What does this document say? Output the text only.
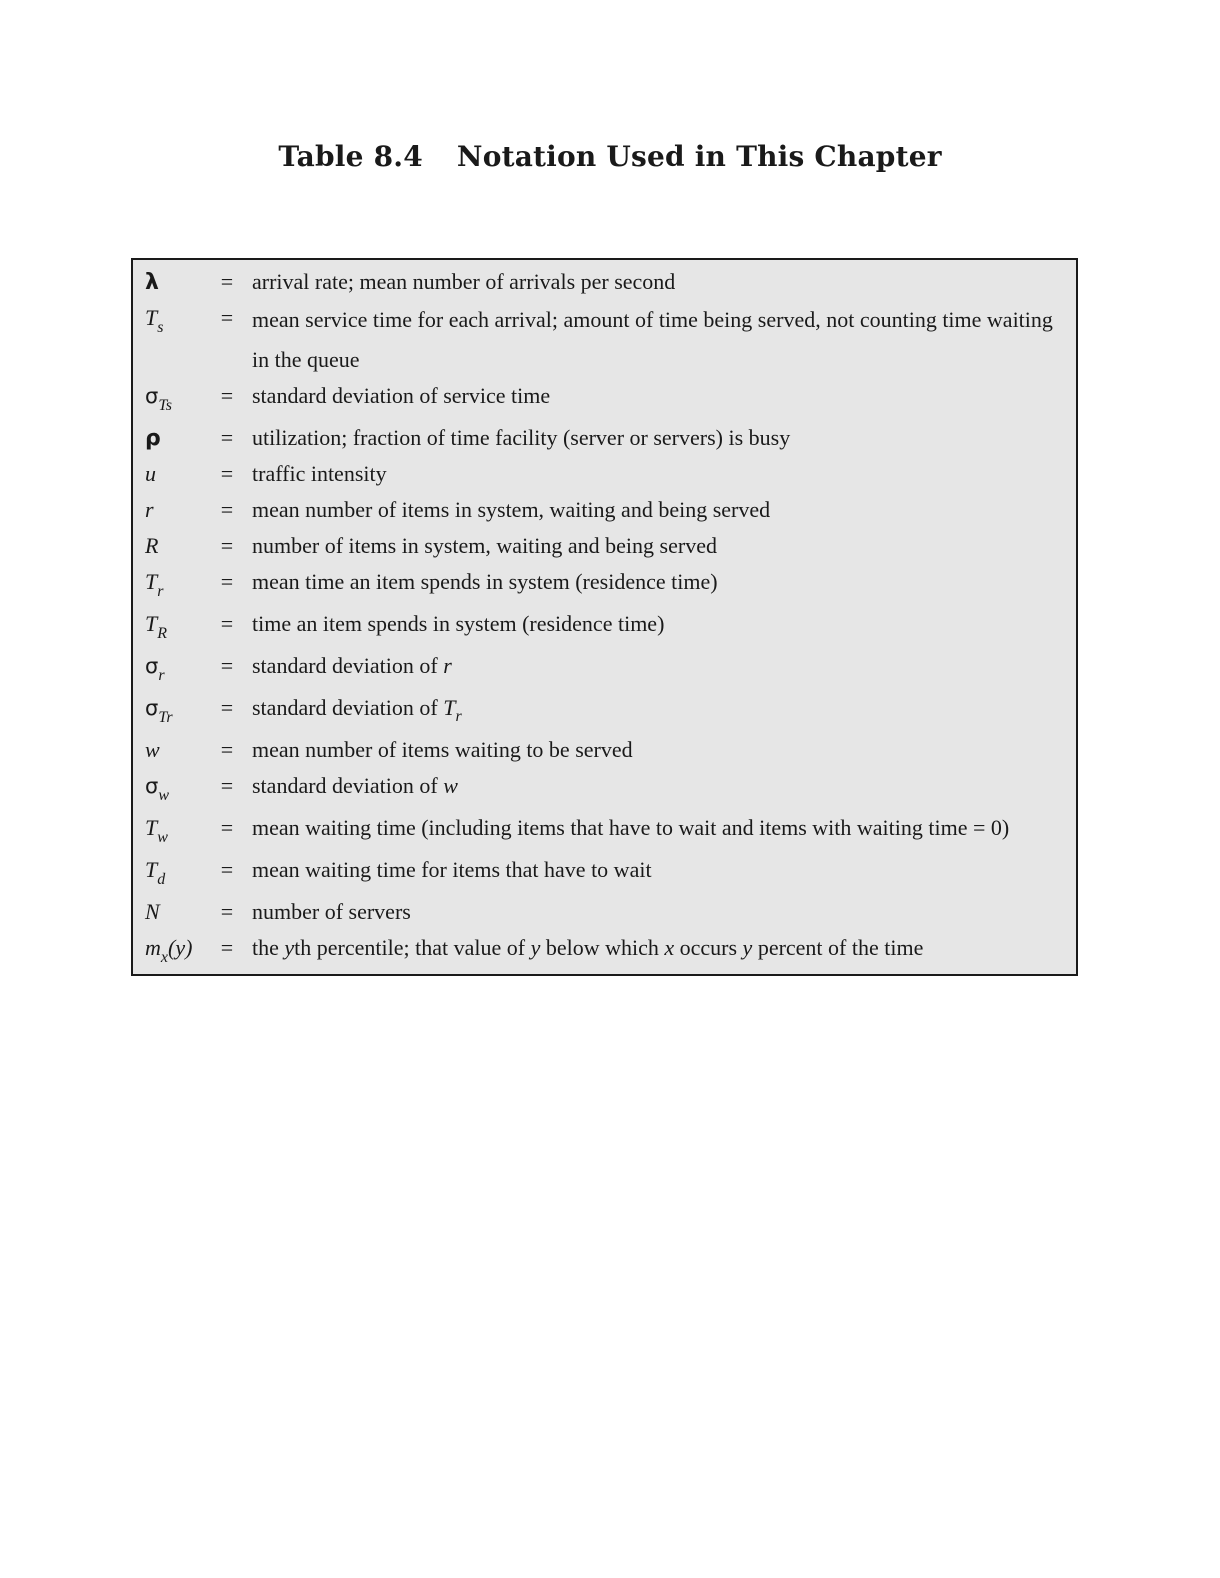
Table 8.4 Notation Used in This Chapter
λ	= arrival rate; mean number of arrivals per second
$T_s$	= mean service time for each arrival; amount of time being served, not counting time waiting in the queue
$\sigma_{Ts}$	= standard deviation of service time
ρ	= utilization; fraction of time facility (server or servers) is busy
u	= traffic intensity
r	= mean number of items in system, waiting and being served
R	= number of items in system, waiting and being served
$T_r$	= mean time an item spends in system (residence time)
$T_R$	= time an item spends in system (residence time)
$\sigma_r$	= standard deviation of r
$\sigma_{Tr}$	= standard deviation of $T_r$
w	= mean number of items waiting to be served
$\sigma_w$	= standard deviation of w
$T_w$	= mean waiting time (including items that have to wait and items with waiting time = 0)
$T_d$	= mean waiting time for items that have to wait
N	= number of servers
$m_x(y)$	= the yth percentile; that value of y below which x occurs y percent of the time
